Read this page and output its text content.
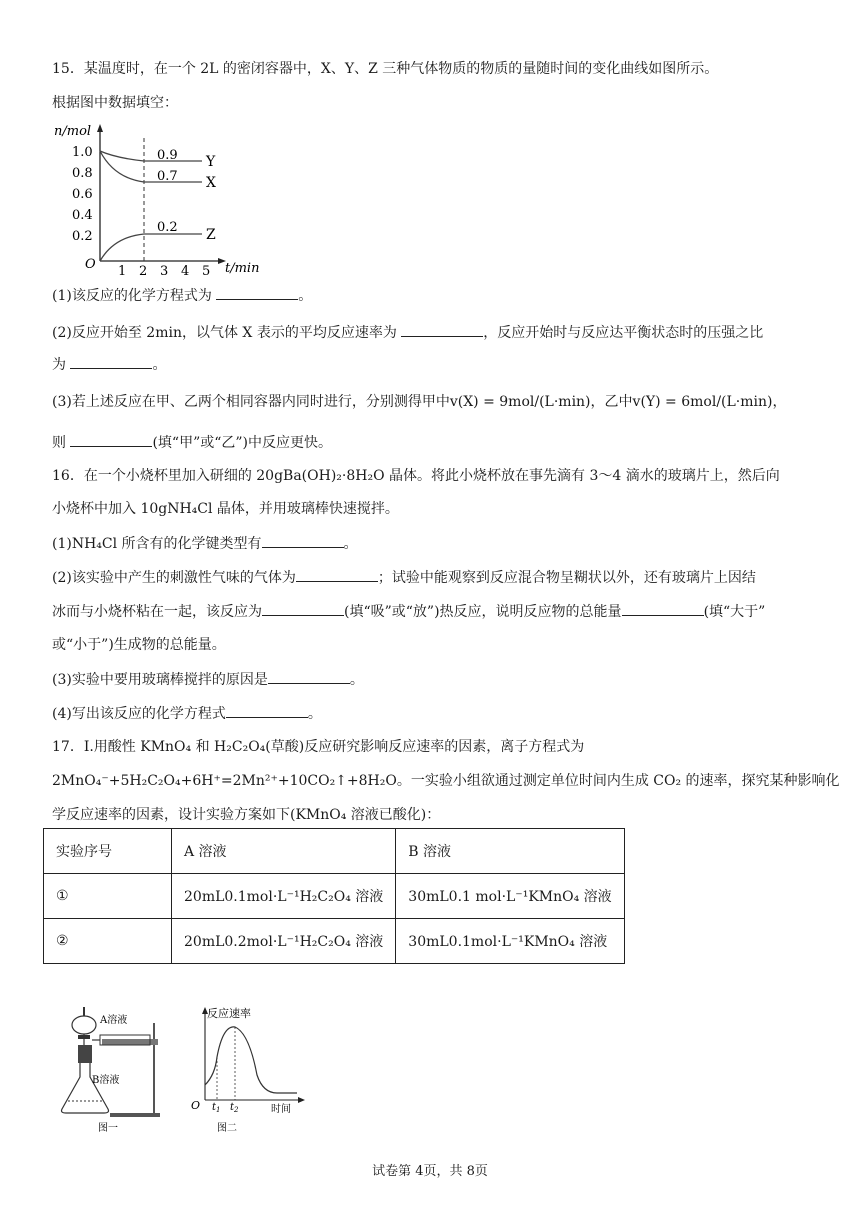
15．某温度时，在一个 2L 的密闭容器中，X、Y、Z 三种气体物质的物质的量随时间的变化曲线如图所示。
根据图中数据填空：
n/mol
t/min
O
1.0
0.8
0.6
0.4
0.2
1 2 3 4 5
0.9
0.7
0.2
Y
X
Z
(1)该反应的化学方程式为	。
(2)反应开始至 2min，以气体 X 表示的平均反应速率为	，反应开始时与反应达平衡状态时的压强之比
为	。
(3)若上述反应在甲、乙两个相同容器内同时进行，分别测得甲中v(X) = 9mol/(L·min)，乙中v(Y) = 6mol/(L·min)，
则	(填“甲”或“乙”)中反应更快。
16．在一个小烧杯里加入研细的 20gBa(OH)₂·8H₂O 晶体。将此小烧杯放在事先滴有 3～4 滴水的玻璃片上，然后向
小烧杯中加入 10gNH₄Cl 晶体，并用玻璃棒快速搅拌。
(1)NH₄Cl 所含有的化学键类型有	。
(2)该实验中产生的刺激性气味的气体为	；试验中能观察到反应混合物呈糊状以外，还有玻璃片上因结
冰而与小烧杯粘在一起，该反应为	(填“吸”或“放”)热反应，说明反应物的总能量	(填“大于”
或“小于”)生成物的总能量。
(3)实验中要用玻璃棒搅拌的原因是	。
(4)写出该反应的化学方程式	。
17．I.用酸性 KMnO₄ 和 H₂C₂O₄(草酸)反应研究影响反应速率的因素，离子方程式为
2MnO₄⁻+5H₂C₂O₄+6H⁺=2Mn²⁺+10CO₂↑+8H₂O。一实验小组欲通过测定单位时间内生成 CO₂ 的速率，探究某种影响化
学反应速率的因素，设计实验方案如下(KMnO₄ 溶液已酸化)：
实验序号	A 溶液	B 溶液
①	20mL0.1mol·L⁻¹H₂C₂O₄ 溶液	30mL0.1 mol·L⁻¹KMnO₄ 溶液
②	20mL0.2mol·L⁻¹H₂C₂O₄ 溶液	30mL0.1mol·L⁻¹KMnO₄ 溶液
A溶液
B溶液
图一
反应速率
O	时间
$t_1$ $t_2$
图二
试卷第 4页，共 8页
